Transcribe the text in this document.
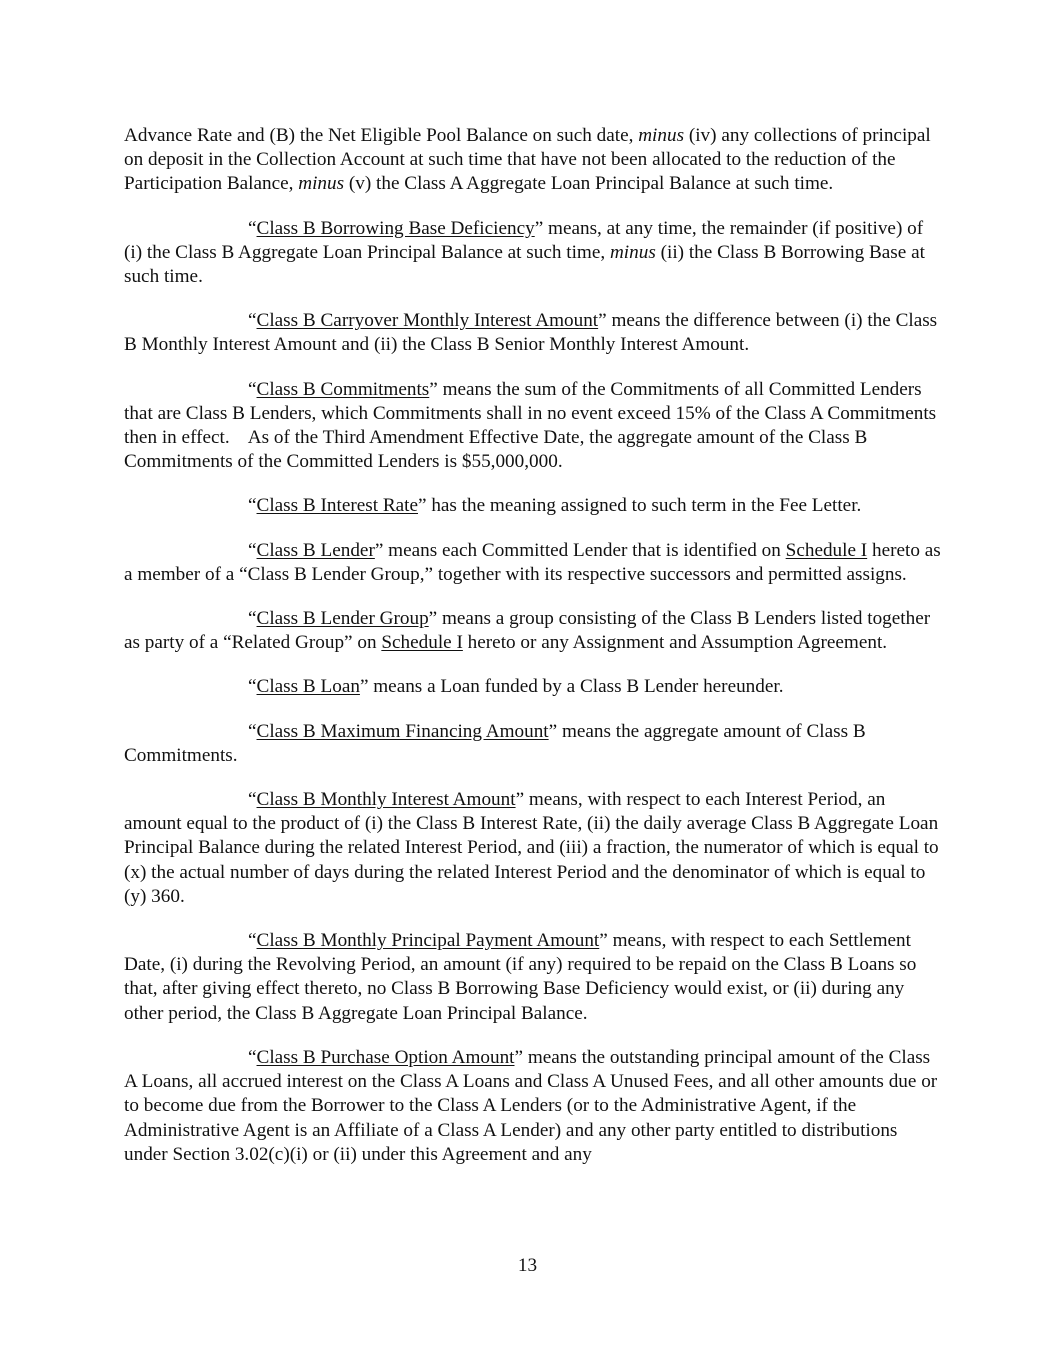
Advance Rate and (B) the Net Eligible Pool Balance on such date, minus (iv) any collections of principal on deposit in the Collection Account at such time that have not been allocated to the reduction of the Participation Balance, minus (v) the Class A Aggregate Loan Principal Balance at such time.

“Class B Borrowing Base Deficiency” means, at any time, the remainder (if positive) of (i) the Class B Aggregate Loan Principal Balance at such time, minus (ii) the Class B Borrowing Base at such time.

“Class B Carryover Monthly Interest Amount” means the difference between (i) the Class B Monthly Interest Amount and (ii) the Class B Senior Monthly Interest Amount.

“Class B Commitments” means the sum of the Commitments of all Committed Lenders that are Class B Lenders, which Commitments shall in no event exceed 15% of the Class A Commitments then in effect.    As of the Third Amendment Effective Date, the aggregate amount of the Class B Commitments of the Committed Lenders is $55,000,000.

“Class B Interest Rate” has the meaning assigned to such term in the Fee Letter.

“Class B Lender” means each Committed Lender that is identified on Schedule I hereto as a member of a “Class B Lender Group,” together with its respective successors and permitted assigns.

“Class B Lender Group” means a group consisting of the Class B Lenders listed together as party of a “Related Group” on Schedule I hereto or any Assignment and Assumption Agreement.

“Class B Loan” means a Loan funded by a Class B Lender hereunder.

“Class B Maximum Financing Amount” means the aggregate amount of Class B Commitments.

“Class B Monthly Interest Amount” means, with respect to each Interest Period, an amount equal to the product of (i) the Class B Interest Rate, (ii) the daily average Class B Aggregate Loan Principal Balance during the related Interest Period, and (iii) a fraction, the numerator of which is equal to (x) the actual number of days during the related Interest Period and the denominator of which is equal to (y) 360.

“Class B Monthly Principal Payment Amount” means, with respect to each Settlement Date, (i) during the Revolving Period, an amount (if any) required to be repaid on the Class B Loans so that, after giving effect thereto, no Class B Borrowing Base Deficiency would exist, or (ii) during any other period, the Class B Aggregate Loan Principal Balance.

“Class B Purchase Option Amount” means the outstanding principal amount of the Class A Loans, all accrued interest on the Class A Loans and Class A Unused Fees, and all other amounts due or to become due from the Borrower to the Class A Lenders (or to the Administrative Agent, if the Administrative Agent is an Affiliate of a Class A Lender) and any other party entitled to distributions under Section 3.02(c)(i) or (ii) under this Agreement and any

13
